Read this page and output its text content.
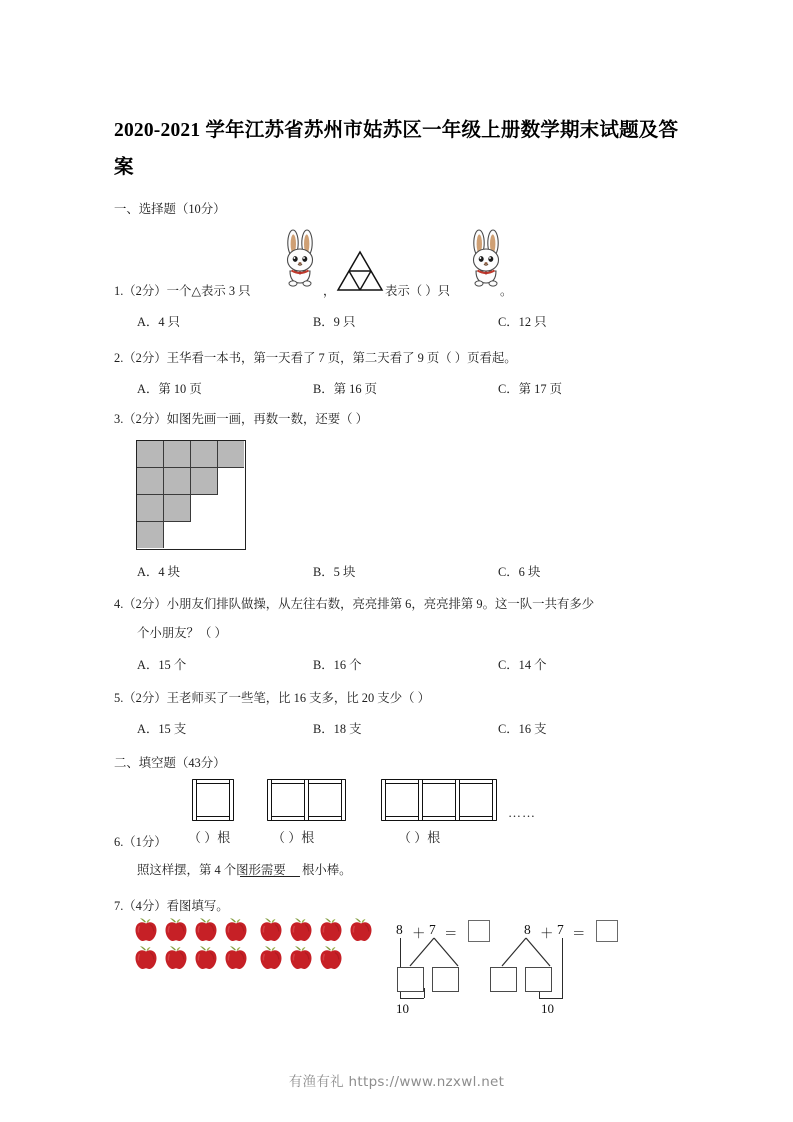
2020-2021 学年江苏省苏州市姑苏区一年级上册数学期末试题及答案
一、选择题（10分）
1.（2分）一个△表示 3 只	，	表示（ ）只	。
A．4 只	B．9 只	C．12 只
2.（2分）王华看一本书，第一天看了 7 页，第二天看了 9 页（ ）页看起。
A．第 10 页	B．第 16 页	C．第 17 页
3.（2分）如图先画一画，再数一数，还要（ ）
A．4 块	B．5 块	C．6 块
4.（2分）小朋友们排队做操，从左往右数，亮亮排第 6，亮亮排第 9。这一队一共有多少
个小朋友？（ ）
A．15 个	B．16 个	C．14 个
5.（2分）王老师买了一些笔，比 16 支多，比 20 支少（ ）
A．15 支	B．18 支	C．16 支
二、填空题（43分）
……
6.（1分） （ ）根	（ ）根	（ ）根
照这样摆，第 4 个图形需要 根小棒。
7.（4分）看图填写。
8 ＋ 7 ＝
10
8 ＋ 7 ＝
10
有渔有礼 https://www.nzxwl.net
